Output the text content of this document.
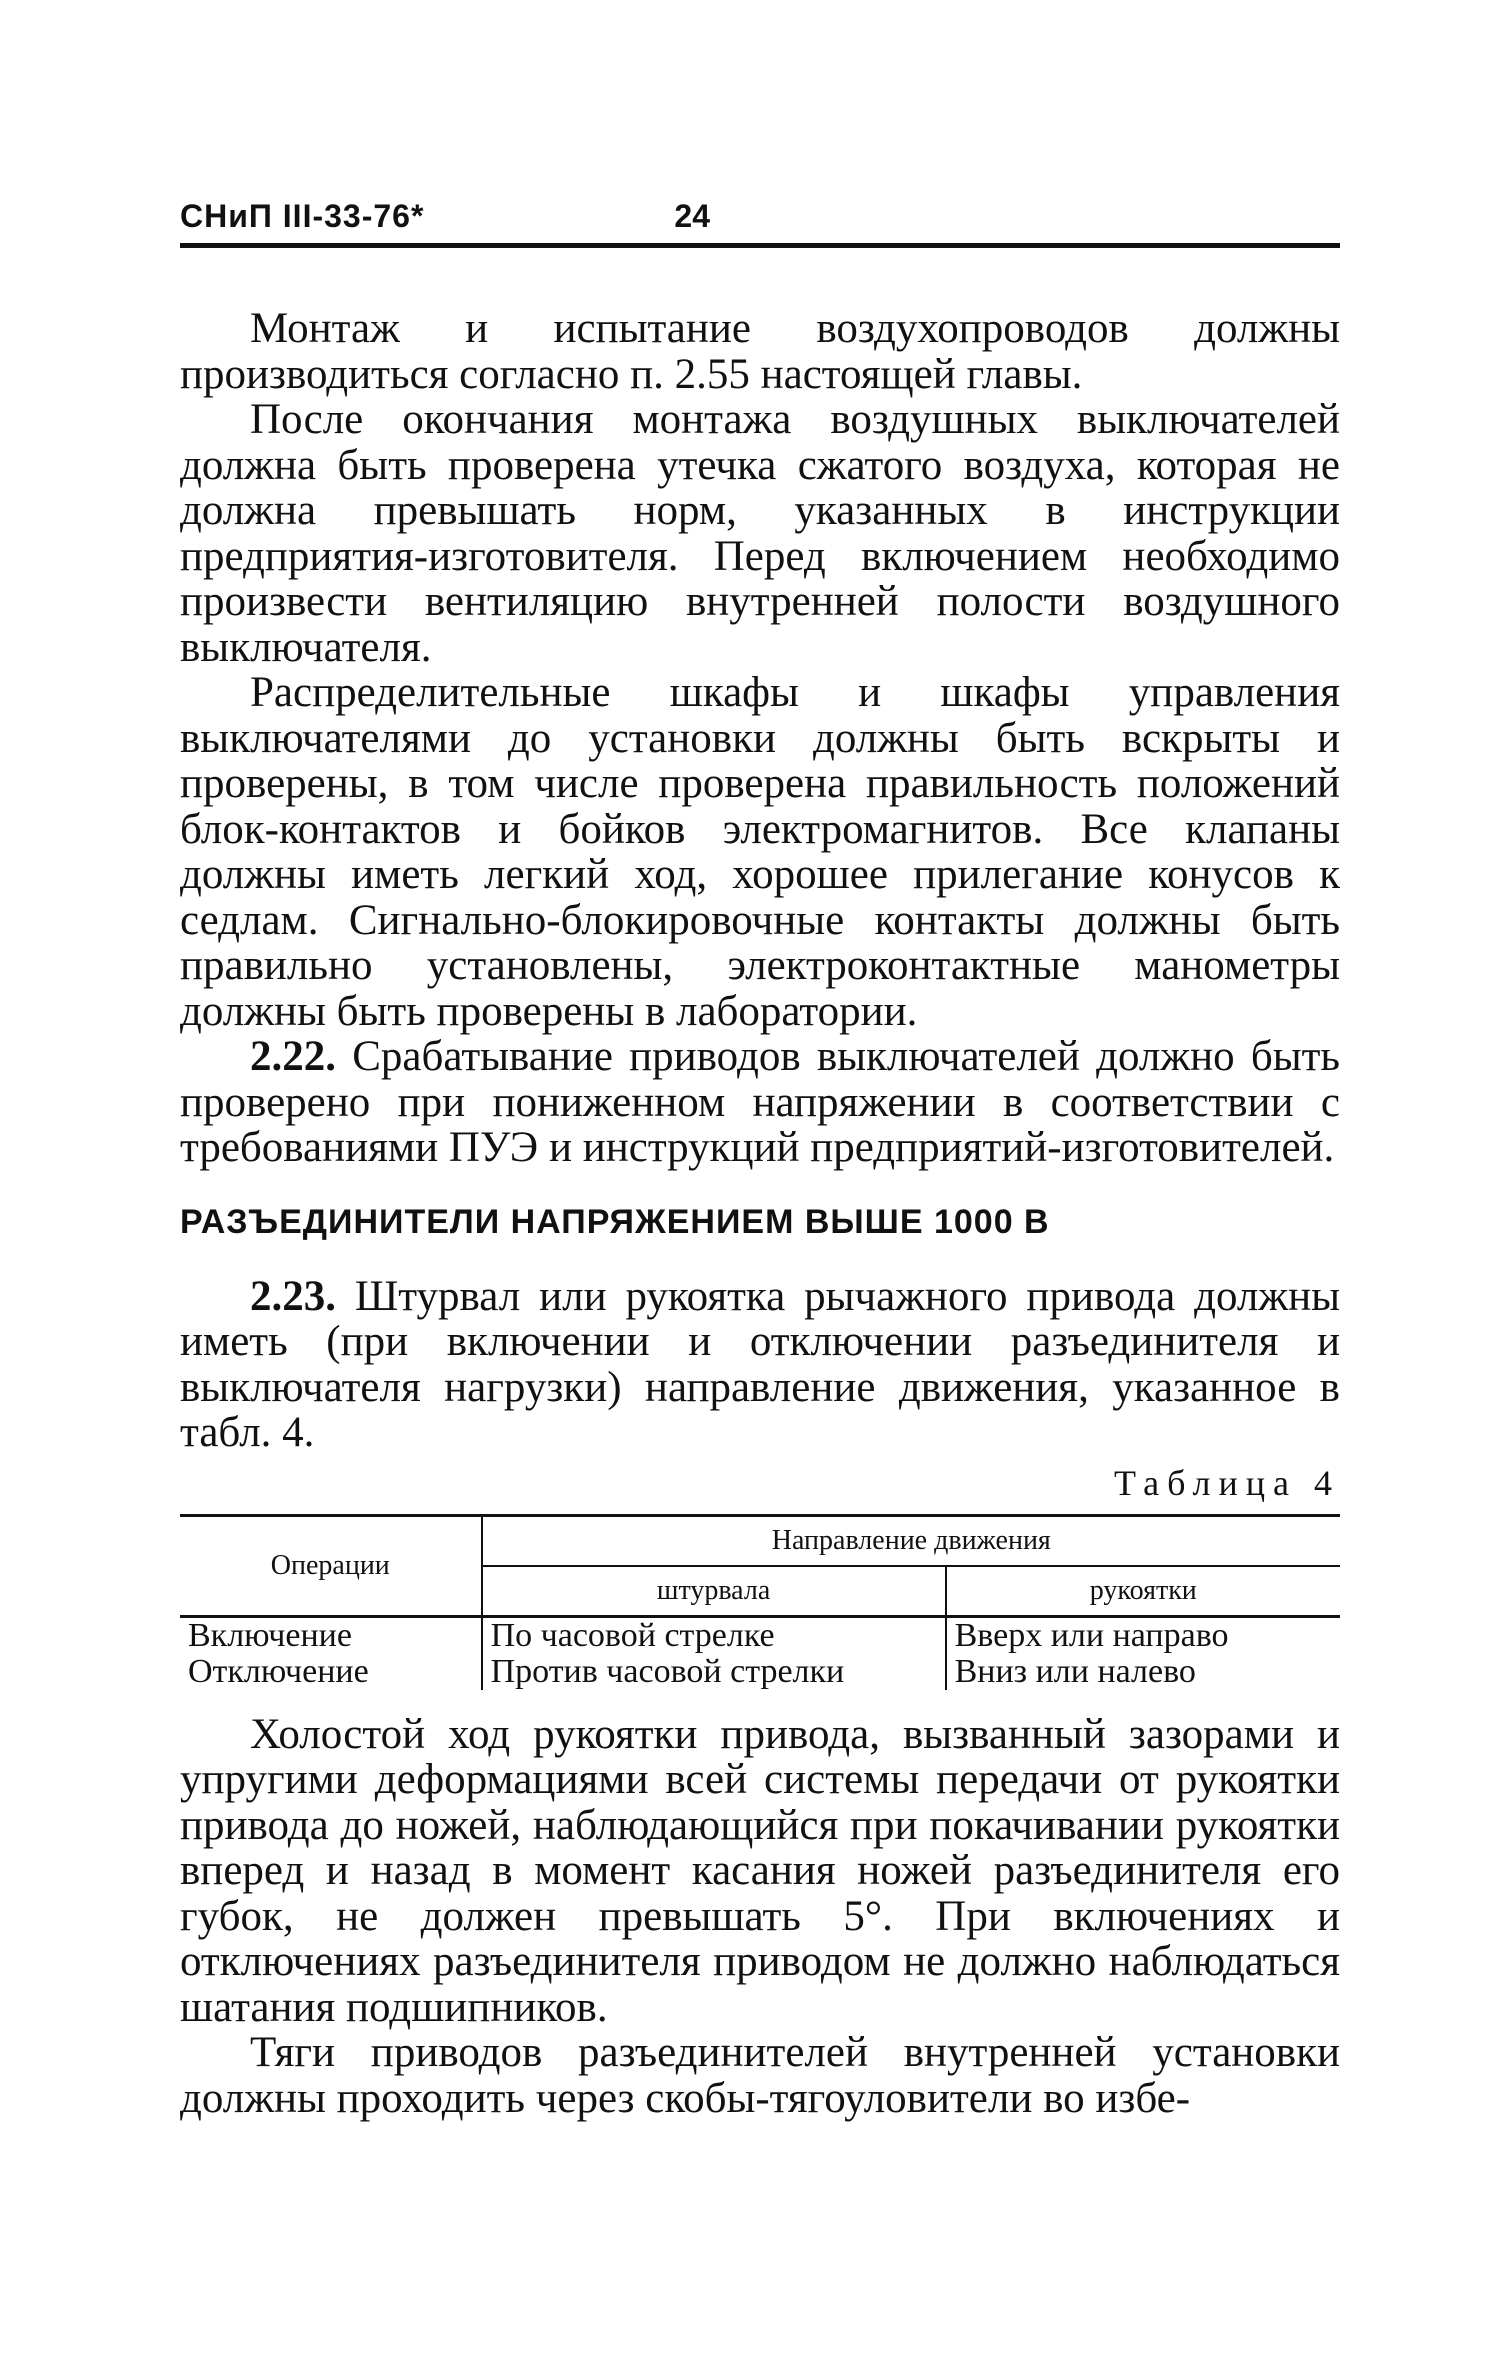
СНиП III-33-76*	24

Монтаж и испытание воздухопроводов должны производиться согласно п. 2.55 настоящей главы.

После окончания монтажа воздушных выключателей должна быть проверена утечка сжатого воздуха, которая не должна превышать норм, указанных в инструкции предприятия-изготовителя. Перед включением необходимо произвести вентиляцию внутренней полости воздушного выключателя.

Распределительные шкафы и шкафы управления выключателями до установки должны быть вскрыты и проверены, в том числе проверена правильность положений блок-контактов и бойков электромагнитов. Все клапаны должны иметь легкий ход, хорошее прилегание конусов к седлам. Сигнально-блокировочные контакты должны быть правильно установлены, электроконтактные манометры должны быть проверены в лаборатории.

2.22. Срабатывание приводов выключателей должно быть проверено при пониженном напряжении в соответствии с требованиями ПУЭ и инструкций предприятий-изготовителей.

РАЗЪЕДИНИТЕЛИ НАПРЯЖЕНИЕМ ВЫШЕ 1000 В

2.23. Штурвал или рукоятка рычажного привода должны иметь (при включении и отключении разъединителя и выключателя нагрузки) направление движения, указанное в табл. 4.

Таблица 4
Операции	Направление движения	
	штурвала	рукоятки
Включение	По часовой стрелке	Вверх или направо
Отключение	Против часовой стрелки	Вниз или налево

Холостой ход рукоятки привода, вызванный зазорами и упругими деформациями всей системы передачи от рукоятки привода до ножей, наблюдающийся при покачивании рукоятки вперед и назад в момент касания ножей разъединителя его губок, не должен превышать 5°. При включениях и отключениях разъединителя приводом не должно наблюдаться шатания подшипников.

Тяги приводов разъединителей внутренней установки должны проходить через скобы-тягоуловители во избе-
